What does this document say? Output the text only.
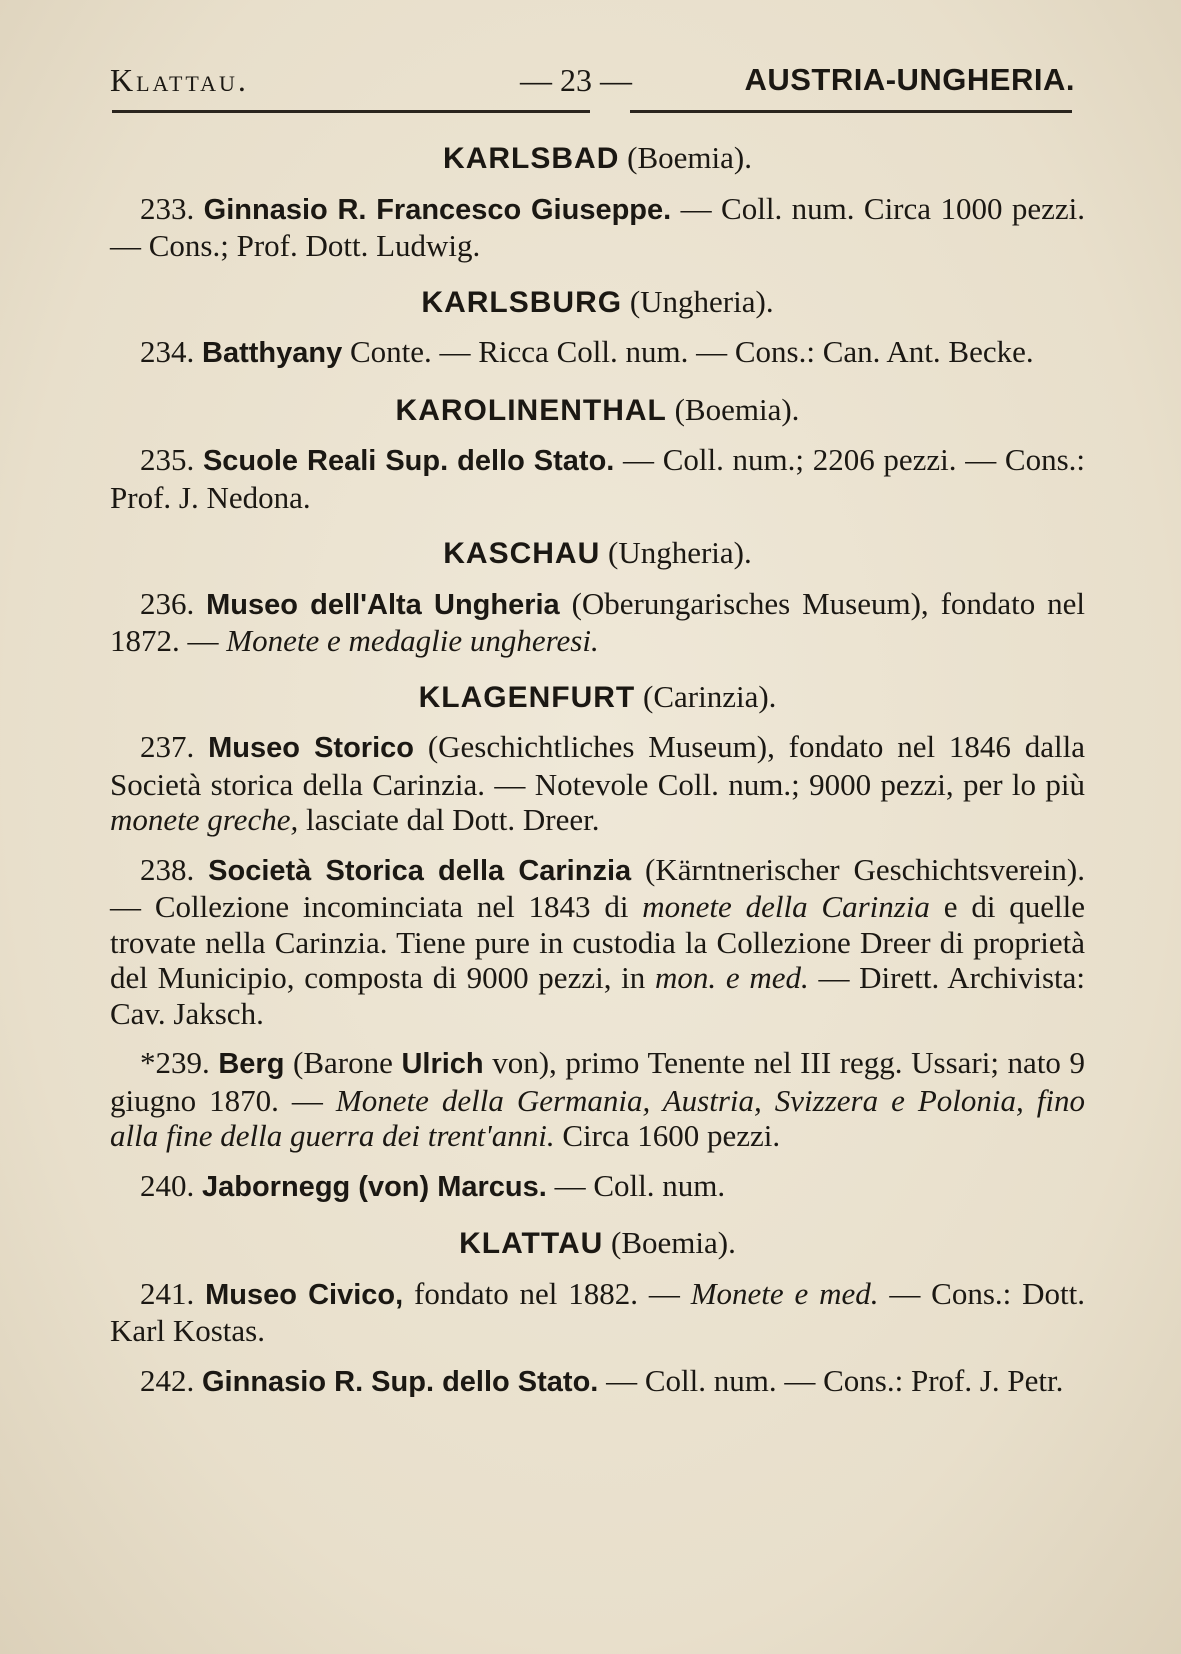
Klattau.	— 23 —	AUSTRIA-UNGHERIA.

KARLSBAD (Boemia).

233. Ginnasio R. Francesco Giuseppe. — Coll. num. Circa 1000 pezzi. — Cons.; Prof. Dott. Ludwig.

KARLSBURG (Ungheria).

234. Batthyany Conte. — Ricca Coll. num. — Cons.: Can. Ant. Becke.

KAROLINENTHAL (Boemia).

235. Scuole Reali Sup. dello Stato. — Coll. num.; 2206 pezzi. — Cons.: Prof. J. Nedona.

KASCHAU (Ungheria).

236. Museo dell'Alta Ungheria (Oberungarisches Museum), fondato nel 1872. — Monete e medaglie ungheresi.

KLAGENFURT (Carinzia).

237. Museo Storico (Geschichtliches Museum), fondato nel 1846 dalla Società storica della Carinzia. — Notevole Coll. num.; 9000 pezzi, per lo più monete greche, lasciate dal Dott. Dreer.

238. Società Storica della Carinzia (Kärntnerischer Geschichtsverein). — Collezione incominciata nel 1843 di monete della Carinzia e di quelle trovate nella Carinzia. Tiene pure in custodia la Collezione Dreer di proprietà del Municipio, composta di 9000 pezzi, in mon. e med. — Dirett. Archivista: Cav. Jaksch.

*239. Berg (Barone Ulrich von), primo Tenente nel III regg. Ussari; nato 9 giugno 1870. — Monete della Germania, Austria, Svizzera e Polonia, fino alla fine della guerra dei trent'anni. Circa 1600 pezzi.

240. Jabornegg (von) Marcus. — Coll. num.

KLATTAU (Boemia).

241. Museo Civico, fondato nel 1882. — Monete e med. — Cons.: Dott. Karl Kostas.

242. Ginnasio R. Sup. dello Stato. — Coll. num. — Cons.: Prof. J. Petr.
